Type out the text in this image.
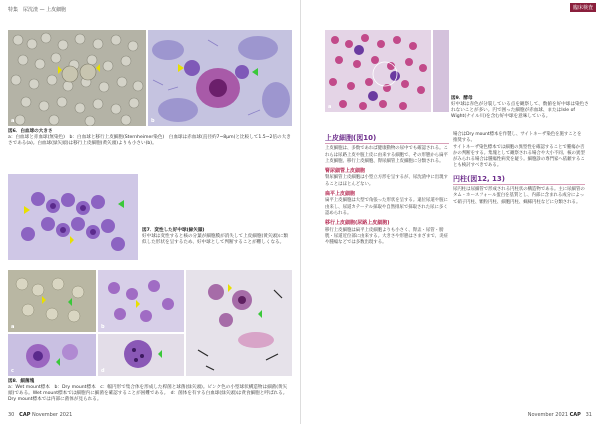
特集　尿沈渣 — 上皮細胞
a	b
図6．白血球の大きさ
a：白血球と赤血球(無染色)　b：白血球と移行上皮細胞(Sternheimer染色)　白血球は赤血球(直径約7~8μm)と比較して1.5~2倍の大きさである(a)。白血球(緑矢頭)は移行上皮細胞(黄矢頭)よりも小さい(b)。
図7．変性した好中球(緑矢頭)
好中球は変性すると核の分葉が細胞膜が消失して上皮細胞(黄矢頭)に類似した形状を呈するため、好中球として判断することが難しくなる。
a	b
c	d
図8．細菌塊
a：Wet mount標本　b：Dry mount標本　c：幅円形で集合体を形成した桿菌と球菌(緑矢頭)。ピンク色の小型球状構造物は細菌(黄矢頭)である。Wet mount標本では細胞内に細菌を確認することが困難である。　d：菌体を有する白血球(緑矢頭)は貪食細胞と呼ばれる。Dry mount標本では内部に菌体が見られる。
30 CAP November 2021
臨床検査
a
図9．酵母
好中球は赤色が分裂している点を観察して、数値を好中球は染色されないことが多い。円で囲った細胞が赤血球、またはIsle of Wight(ナイル川)を含む好中球を意味している。
上皮細胞(図10)
上皮細胞は、多数であれば健康動物の尿中でも確認される。これらは尿路上皮や腟上皮に由来する細胞で、その形態から扁平上皮細胞、移行上皮細胞、腎尿細管上皮細胞に分類される。
腎尿細管上皮細胞
腎尿細管上皮細胞は小型立方形を呈するが、尿沈渣中に出現することはほとんどない。
扁平上皮細胞
扁平上皮細胞は大型で角張った形状を呈する。遠位尿道や腟に由来し、尿道カテーテル採取や自然排尿で採取された尿に多く認められる。
移行上皮細胞(尿路上皮細胞)
移行上皮細胞は扁平上皮細胞よりも小さく、腎盂・尿管・膀胱・尿道近位部に由来する。大きさや形態はさまざまで、炎症や腫瘍などでは多数出現する。
場合はDry mount標本を作製し、サイトネーザ染色を施すことを推奨する。
サイトネーザ染色標本では細胞の異型性を確認することで腫瘍か否かの判断をする。集塊として観察される場合や大小不同、核の異型がみられる場合は腫瘍性病変を疑う。細胞診の専門家へ依頼することも検討すべきである。
円柱(図12, 13)
尿円柱は尿細管で形成される円柱状の構造物である。主に尿細管のタム・ホースフォール蛋白を基質とし、内部に含まれる成分によって硝子円柱、顆粒円柱、細胞円柱、蝋様円柱などに分類される。
November 2021 CAP 31
